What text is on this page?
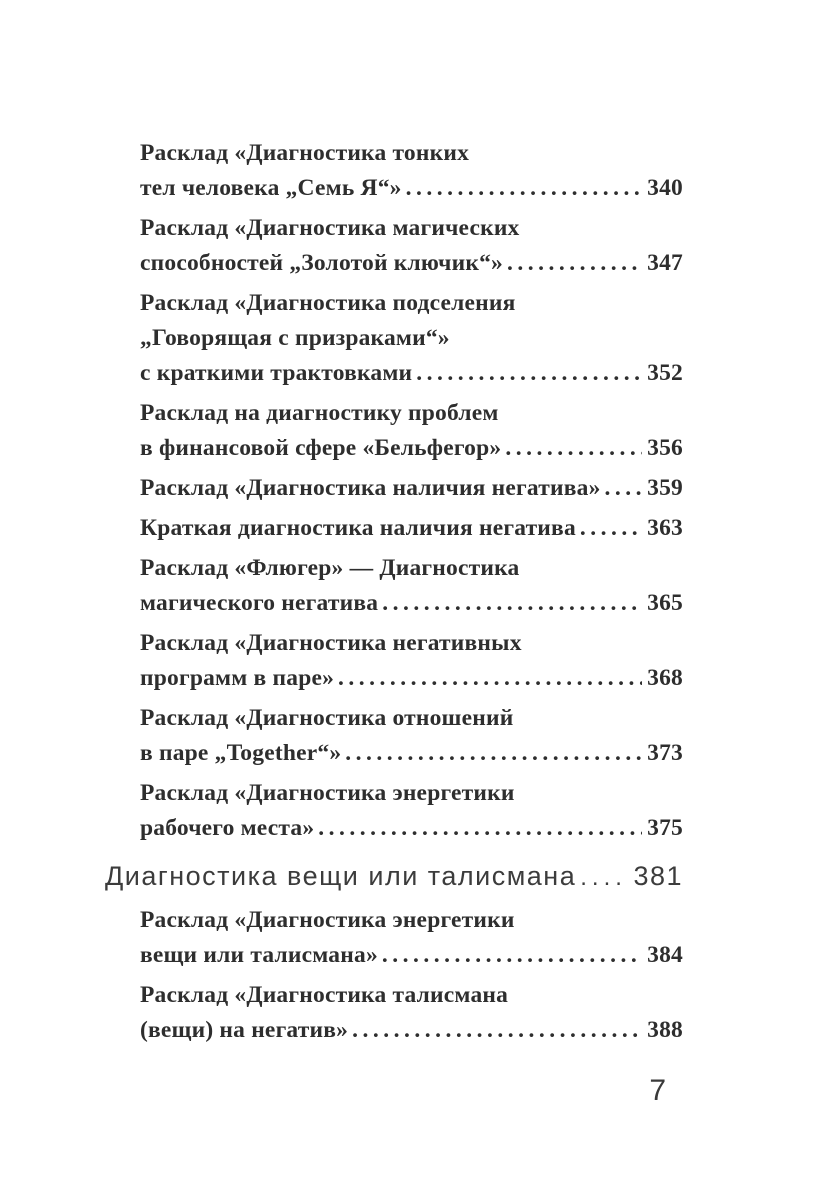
Расклад «Диагностика тонких
тел человека „Семь Я“» .....	340
Расклад «Диагностика магических
способностей „Золотой ключик“» .....	347
Расклад «Диагностика подселения
„Говорящая с призраками“»
с краткими трактовками .....	352
Расклад на диагностику проблем
в финансовой сфере «Бельфегор» .....	356
Расклад «Диагностика наличия негатива» ..... 359
Краткая диагностика наличия негатива .....	363
Расклад «Флюгер» — Диагностика
магического негатива .....	365
Расклад «Диагностика негативных
программ в паре» .....	368
Расклад «Диагностика отношений
в паре „Together“» .....	373
Расклад «Диагностика энергетики
рабочего места» .....	375
Диагностика вещи или талисмана ..... 381
Расклад «Диагностика энергетики
вещи или талисмана» .....	384
Расклад «Диагностика талисмана
(вещи) на негатив» .....	388
7
